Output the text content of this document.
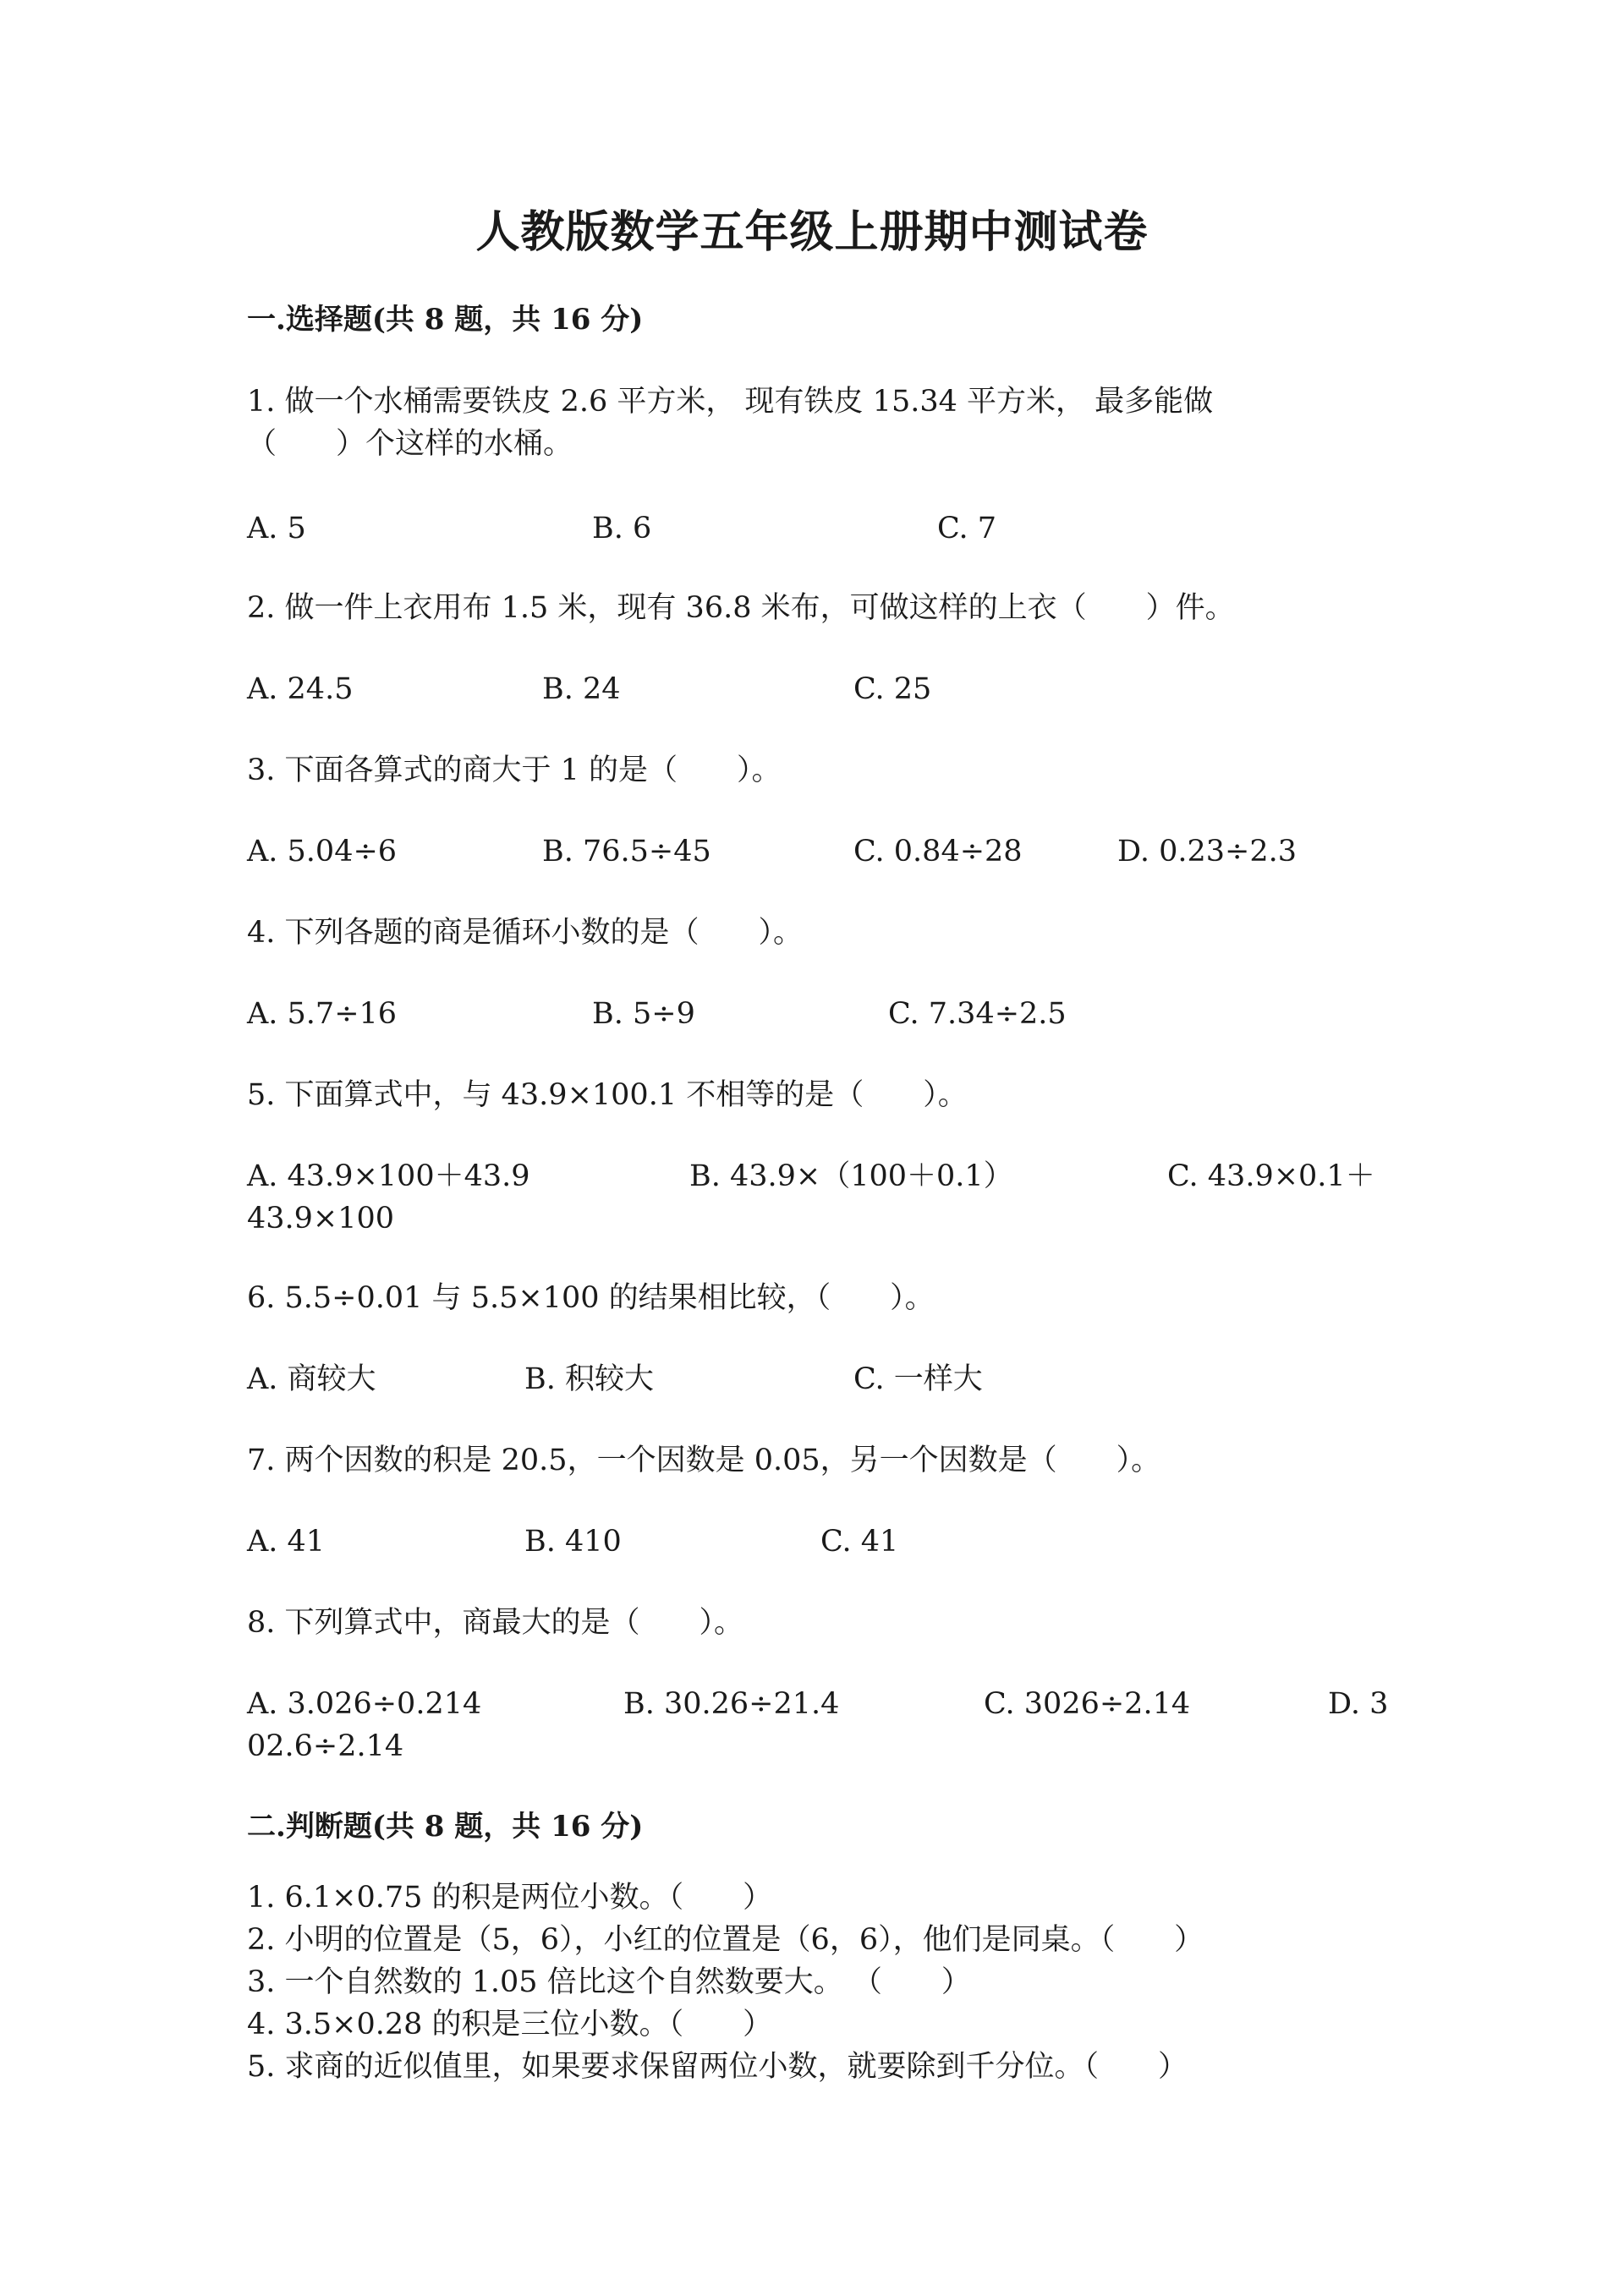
人教版数学五年级上册期中测试卷
一.选择题(共 8 题，共 16 分)
1. 做一个水桶需要铁皮 2.6 平方米， 现有铁皮 15.34 平方米， 最多能做
（　　）个这样的水桶。
A. 5	B. 6	C. 7
2. 做一件上衣用布 1.5 米，现有 36.8 米布，可做这样的上衣（　　）件。
A. 24.5	B. 24	C. 25
3. 下面各算式的商大于 1 的是（　　）。
A. 5.04÷6	B. 76.5÷45	C. 0.84÷28	D. 0.23÷2.3
4. 下列各题的商是循环小数的是（　　）。
A. 5.7÷16	B. 5÷9	C. 7.34÷2.5
5. 下面算式中，与 43.9×100.1 不相等的是（　　）。
A. 43.9×100＋43.9	B. 43.9×（100＋0.1）	C. 43.9×0.1＋
43.9×100
6. 5.5÷0.01 与 5.5×100 的结果相比较，（　　）。
A. 商较大	B. 积较大	C. 一样大
7. 两个因数的积是 20.5，一个因数是 0.05，另一个因数是（　　）。
A. 41	B. 410	C. 41
8. 下列算式中，商最大的是（　　）。
A. 3.026÷0.214	B. 30.26÷21.4	C. 3026÷2.14	D. 3
02.6÷2.14
二.判断题(共 8 题，共 16 分)
1. 6.1×0.75 的积是两位小数。（　　）
2. 小明的位置是（5，6），小红的位置是（6，6），他们是同桌。（　　）
3. 一个自然数的 1.05 倍比这个自然数要大。 （　　）
4. 3.5×0.28 的积是三位小数。（　　）
5. 求商的近似值里，如果要求保留两位小数，就要除到千分位。（　　）
